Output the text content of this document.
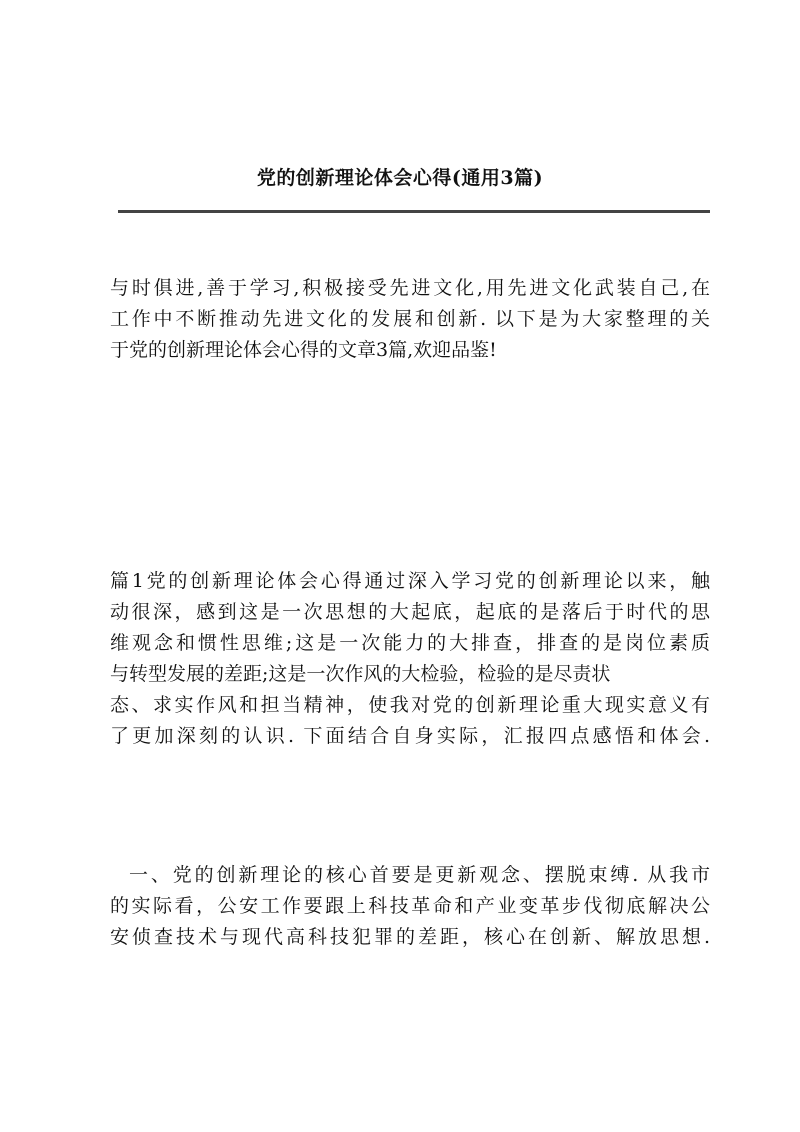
党的创新理论体会心得(通用3篇)
与时俱进,善于学习,积极接受先进文化,用先进文化武装自己,在
工作中不断推动先进文化的发展和创新. 以下是为大家整理的关
于党的创新理论体会心得的文章3篇,欢迎品鉴!
篇1党的创新理论体会心得通过深入学习党的创新理论以来，触
动很深，感到这是一次思想的大起底，起底的是落后于时代的思
维观念和惯性思维;这是一次能力的大排查，排查的是岗位素质
与转型发展的差距;这是一次作风的大检验，检验的是尽责状
态、求实作风和担当精神，使我对党的创新理论重大现实意义有
了更加深刻的认识. 下面结合自身实际，汇报四点感悟和体会.
一、党的创新理论的核心首要是更新观念、摆脱束缚. 从我市
的实际看，公安工作要跟上科技革命和产业变革步伐彻底解决公
安侦查技术与现代高科技犯罪的差距，核心在创新、解放思想.
